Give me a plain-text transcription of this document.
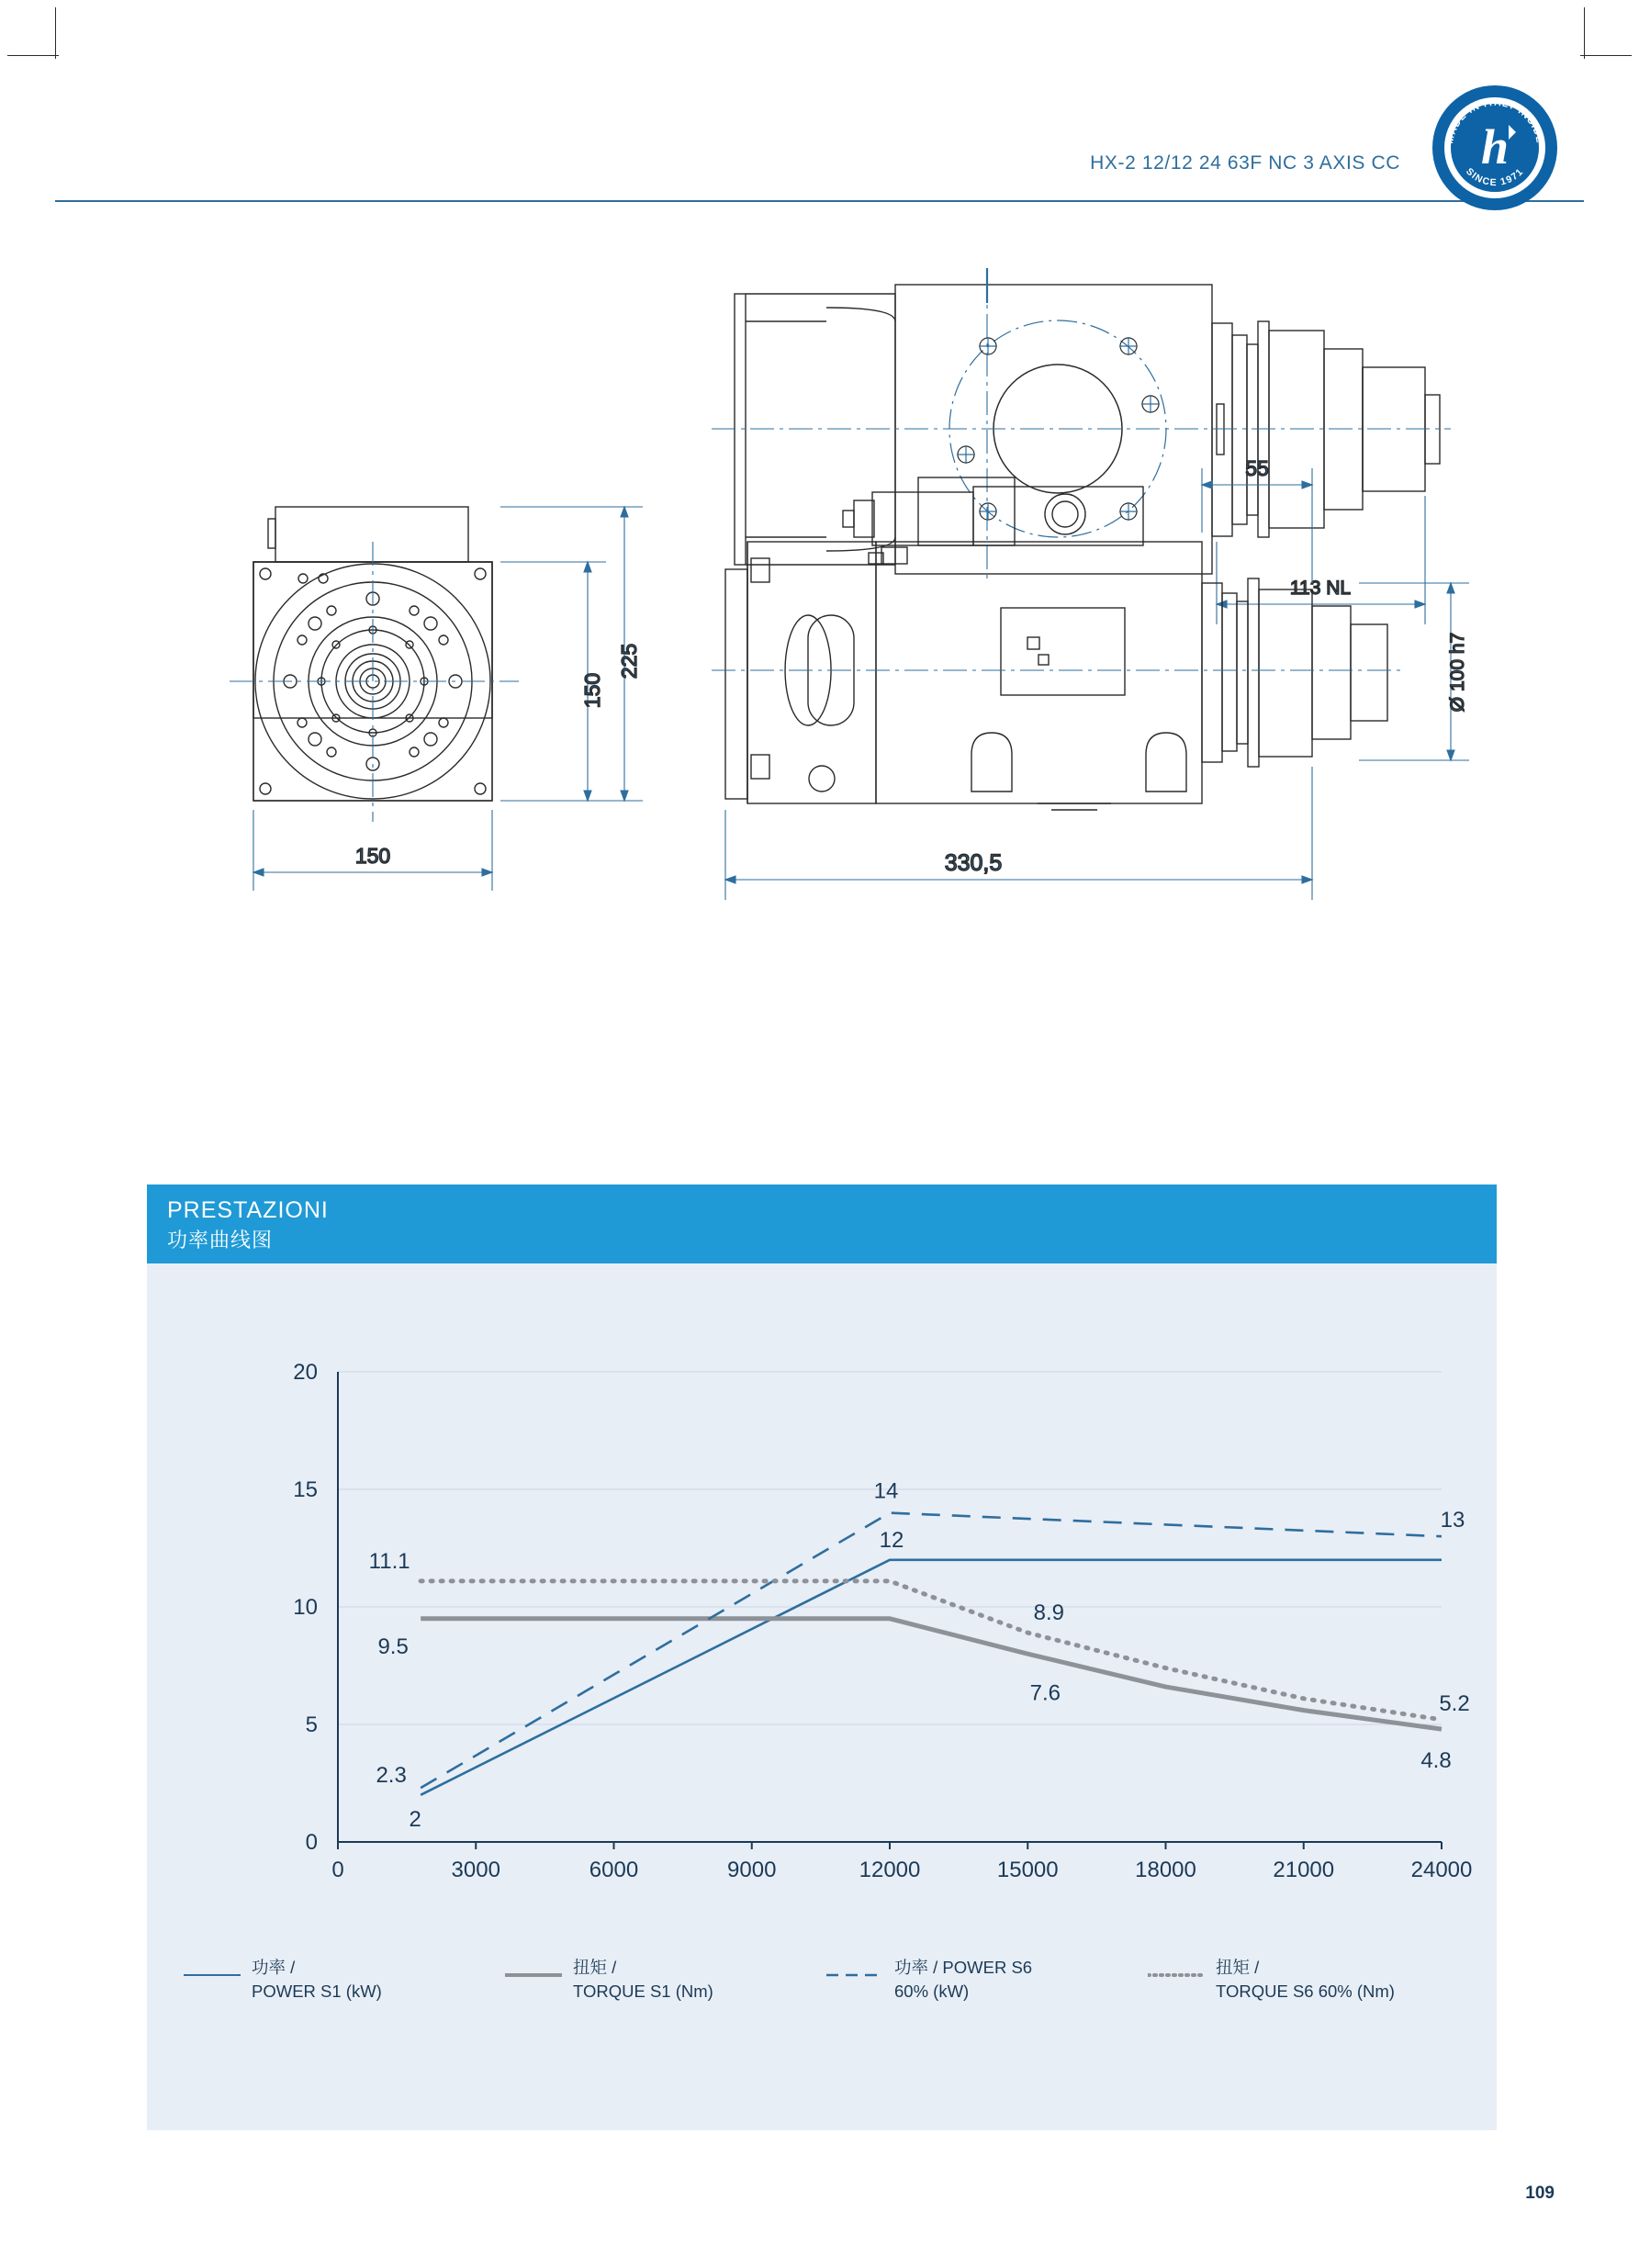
HX-2 12/12 24 63F NC 3 AXIS CC
MADE IN ITALY INSIDE
SINCE 1971
h
113 NL
225
150
150
55
Ø 100 h7
330,5
PRESTAZIONI
功率曲线图
0
5
10
15
20
0	3000	6000	9000	12000	15000	18000	21000	24000
2
12
9.5
7.6
4.8
2.3
14
13
11.1
8.9
5.2
功率 /
POWER S1 (kW)
扭矩 /
TORQUE S1 (Nm)
功率 / POWER S6
60% (kW)
扭矩 /
TORQUE S6 60% (Nm)
109
